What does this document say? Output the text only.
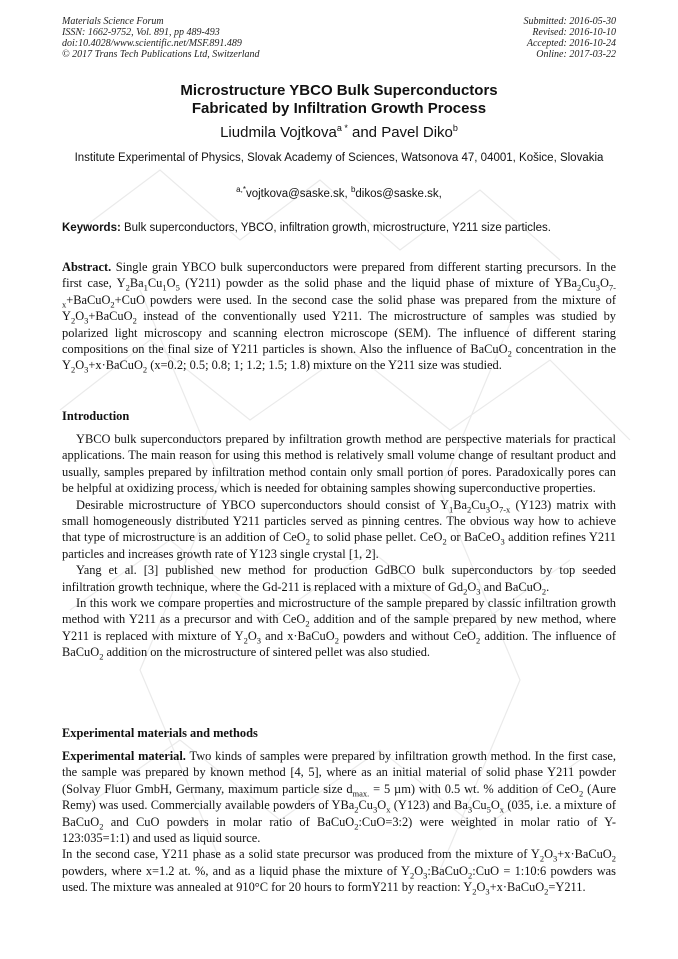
Materials Science Forum
ISSN: 1662-9752, Vol. 891, pp 489-493
doi:10.4028/www.scientific.net/MSF.891.489
© 2017 Trans Tech Publications Ltd, Switzerland
Submitted: 2016-05-30
Revised: 2016-10-10
Accepted: 2016-10-24
Online: 2017-03-22
Microstructure YBCO Bulk Superconductors
Fabricated by Infiltration Growth Process
Liudmila Vojtkova$^{a *}$ and Pavel Diko$^b$
Institute Experimental of Physics, Slovak Academy of Sciences, Watsonova 47, 04001, Košice, Slovakia
$^{a,*}$vojtkova@saske.sk, $^b$dikos@saske.sk,
Keywords: Bulk superconductors, YBCO, infiltration growth, microstructure, Y211 size particles.

Abstract. Single grain YBCO bulk superconductors were prepared from different starting precursors. In the first case, $Y_2Ba_1Cu_1O_5$ (Y211) powder as the solid phase and the liquid phase of mixture of $YBa_2Cu_3O_{7-x}+BaCuO_2+CuO$ powders were used. In the second case the solid phase was prepared from the mixture of $Y_2O_3+BaCuO_2$ instead of the conventionally used Y211. The microstructure of samples was studied by polarized light microscopy and scanning electron microscope (SEM). The influence of different staring compositions on the final size of Y211 particles is shown. Also the influence of BaCuO$_2$ concentration in the $Y_2O_3+x\cdot BaCuO_2$ (x=0.2; 0.5; 0.8; 1; 1.2; 1.5; 1.8) mixture on the Y211 size was studied.

Introduction

YBCO bulk superconductors prepared by infiltration growth method are perspective materials for practical applications. The main reason for using this method is relatively small volume change of resultant product and usually, samples prepared by infiltration method contain only small portion of pores. Paradoxically pores can be helpful at oxidizing process, which is needed for obtaining samples showing superconductive properties.

Desirable microstructure of YBCO superconductors should consist of $Y_1Ba_2Cu_3O_{7-x}$ (Y123) matrix with small homogeneously distributed Y211 particles served as pinning centres. The obvious way how to achieve that type of microstructure is an addition of CeO$_2$ to solid phase pellet. CeO$_2$ or BaCeO$_3$ addition refines Y211 particles and increases growth rate of Y123 single crystal [1, 2].

Yang et al. [3] published new method for production GdBCO bulk superconductors by top seeded infiltration growth technique, where the Gd-211 is replaced with a mixture of $Gd_2O_3$ and BaCuO$_2$.

In this work we compare properties and microstructure of the sample prepared by classic infiltration growth method with Y211 as a precursor and with CeO$_2$ addition and of the sample prepared by new method, where Y211 is replaced with mixture of $Y_2O_3$ and x·BaCuO$_2$ powders and without CeO$_2$ addition. The influence of BaCuO$_2$ addition on the microstructure of sintered pellet was also studied.

Experimental materials and methods

Experimental material. Two kinds of samples were prepared by infiltration growth method. In the first case, the sample was prepared by known method [4, 5], where as an initial material of solid phase Y211 powder (Solvay Fluor GmbH, Germany, maximum particle size $d_{max.} = 5$ µm) with 0.5 wt. % addition of CeO$_2$ (Aure Remy) was used. Commercially available powders of $YBa_2Cu_3O_x$ (Y123) and $Ba_3Cu_5O_x$ (035, i.e. a mixture of BaCuO$_2$ and CuO powders in molar ratio of BaCuO$_2$:CuO=3:2) were weighted in molar ratio of Y-123:035=1:1) and used as liquid source.

In the second case, Y211 phase as a solid state precursor was produced from the mixture of $Y_2O_3+x\cdot BaCuO_2$ powders, where x=1.2 at. %, and as a liquid phase the mixture of $Y_2O_3:BaCuO_2:CuO$ = 1:10:6 powders was used. The mixture was annealed at 910°C for 20 hours to formY211 by reaction: $Y_2O_3+x\cdot BaCuO_2=Y211$.
